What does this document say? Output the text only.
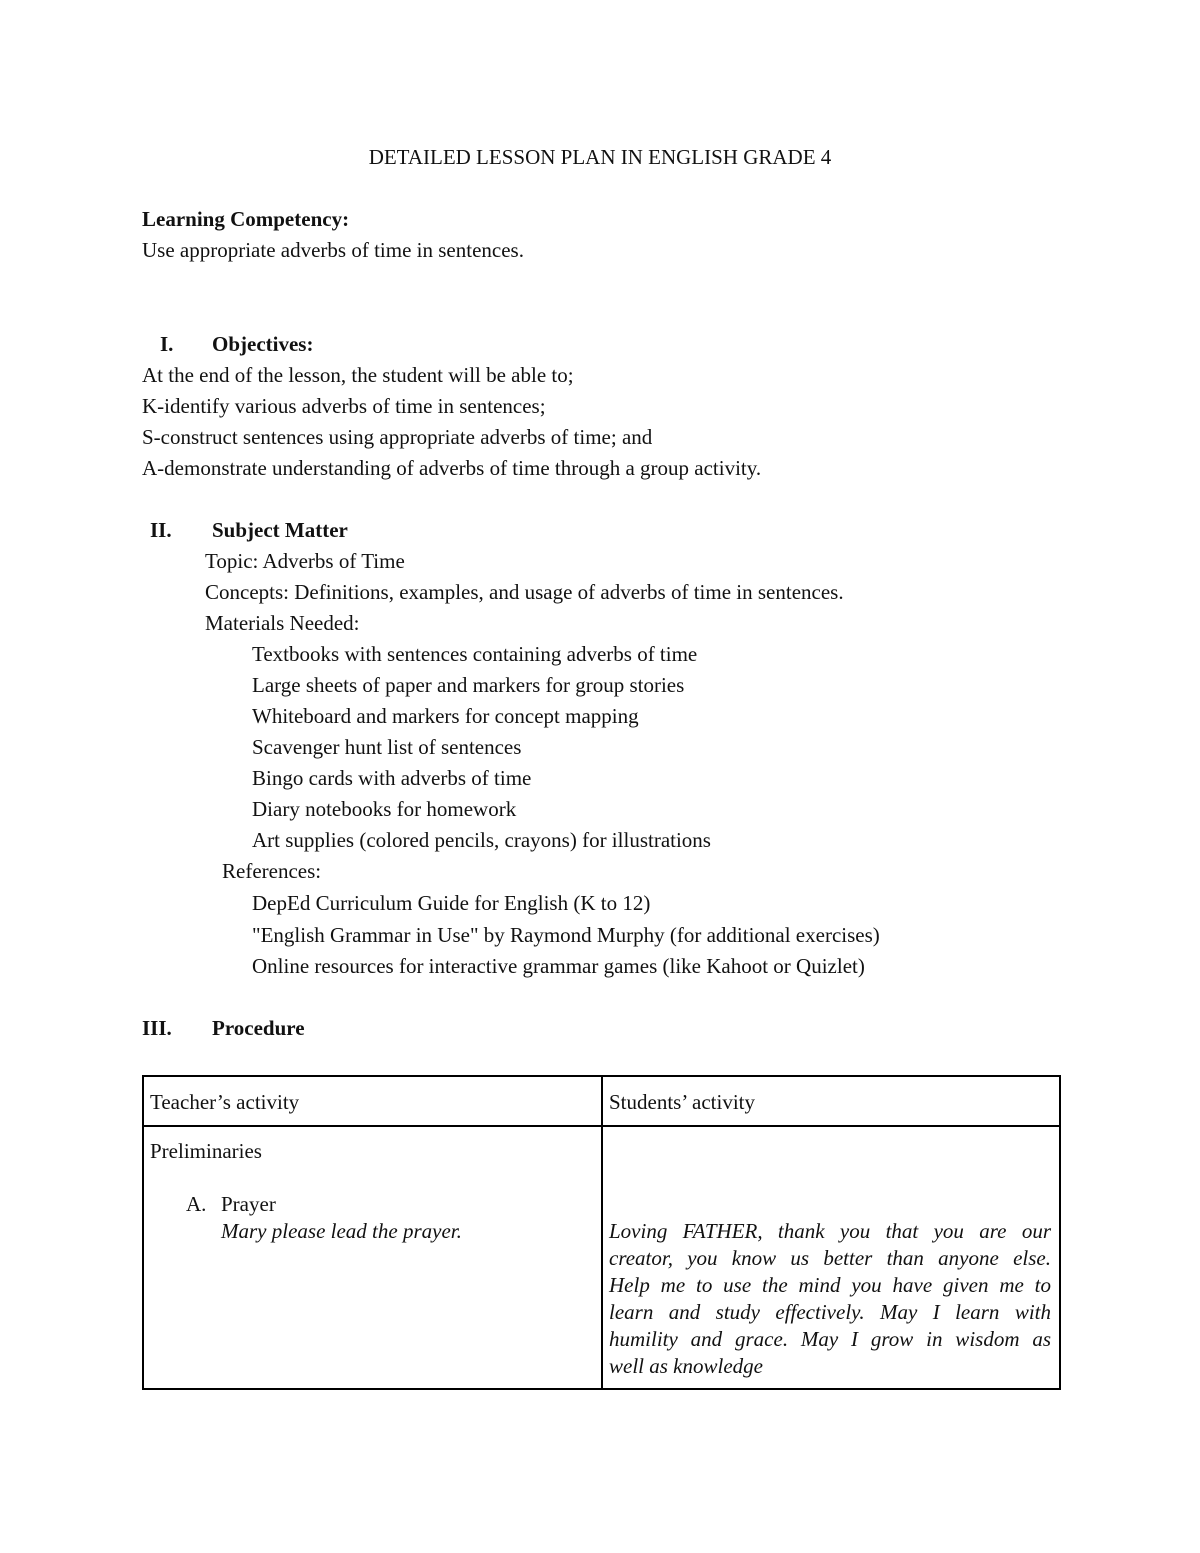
DETAILED LESSON PLAN IN ENGLISH GRADE 4
Learning Competency:
Use appropriate adverbs of time in sentences.
I. Objectives:
At the end of the lesson, the student will be able to;
K-identify various adverbs of time in sentences;
S-construct sentences using appropriate adverbs of time; and
A-demonstrate understanding of adverbs of time through a group activity.
II. Subject Matter
Topic: Adverbs of Time
Concepts: Definitions, examples, and usage of adverbs of time in sentences.
Materials Needed:
Textbooks with sentences containing adverbs of time
Large sheets of paper and markers for group stories
Whiteboard and markers for concept mapping
Scavenger hunt list of sentences
Bingo cards with adverbs of time
Diary notebooks for homework
Art supplies (colored pencils, crayons) for illustrations
References:
DepEd Curriculum Guide for English (K to 12)
"English Grammar in Use" by Raymond Murphy (for additional exercises)
Online resources for interactive grammar games (like Kahoot or Quizlet)
III. Procedure
Teacher’s activity	Students’ activity
Preliminaries
A. Prayer
Mary please lead the prayer.	Loving FATHER, thank you that you are our
creator, you know us better than anyone else.
Help me to use the mind you have given me to
learn and study effectively. May I learn with
humility and grace. May I grow in wisdom as
well as knowledge
